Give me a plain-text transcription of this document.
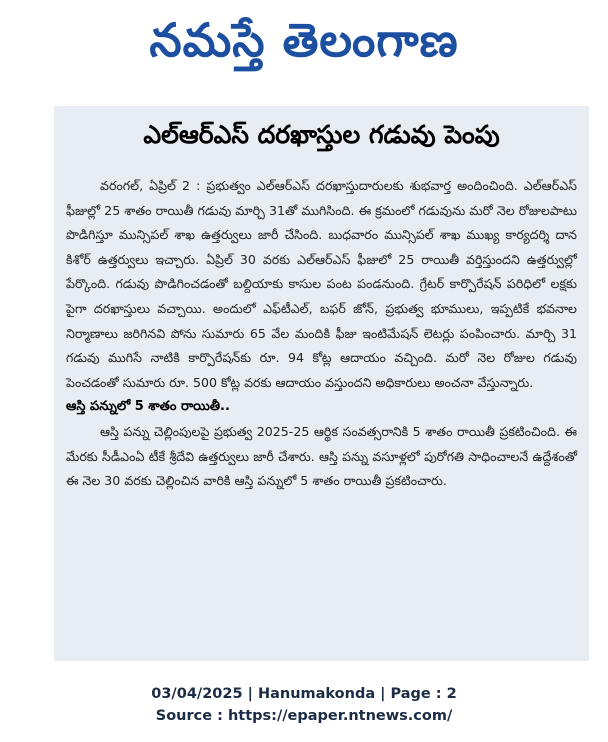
నమస్తే తెలంగాణ
ఎల్‌ఆర్‌ఎస్‌ దరఖాస్తుల గడువు పెంపు

వరంగల్‌, ఏప్రిల్‌ 2 : ప్రభుత్వం ఎల్‌ఆర్‌ఎస్‌ దరఖాస్తుదారులకు శుభవార్త అందించింది. ఎల్‌ఆర్‌ఎస్‌ ఫీజుల్లో 25 శాతం రాయితీ గడువు మార్చి 31తో ముగిసింది. ఈ క్రమంలో గడువును మరో నెల రోజులపాటు పొడిగిస్తూ మున్సిపల్‌ శాఖ ఉత్తర్వులు జారీ చేసింది. బుధవారం మున్సిపల్‌ శాఖ ముఖ్య కార్యదర్శి దాన కిశోర్‌ ఉత్తర్వులు ఇచ్చారు. ఏప్రిల్‌ 30 వరకు ఎల్‌ఆర్‌ఎస్‌ ఫీజులో 25 రాయితీ వర్తిస్తుందని ఉత్తర్వుల్లో పేర్కొంది. గడువు పొడిగించడంతో బల్దియాకు కాసుల పంట పండనుంది. గ్రేటర్‌ కార్పొరేషన్‌ పరిధిలో లక్షకు పైగా దరఖాస్తులు వచ్చాయి. అందులో ఎఫ్‌టీఎల్‌, బఫర్‌ జోన్‌, ప్రభుత్వ భూములు, ఇప్పటికే భవనాల నిర్మాణాలు జరిగినవి పోను సుమారు 65 వేల మందికి ఫీజు ఇంటిమేషన్‌ లెటర్లు పంపించారు. మార్చి 31 గడువు ముగిసే నాటికి కార్పొరేషన్‌కు రూ. 94 కోట్ల ఆదాయం వచ్చింది. మరో నెల రోజుల గడువు పెంచడంతో సుమారు రూ. 500 కోట్ల వరకు ఆదాయం వస్తుందని అధికారులు అంచనా వేస్తున్నారు.

ఆస్తి పన్నులో 5 శాతం రాయితీ..

ఆస్తి పన్ను చెల్లింపులపై ప్రభుత్వ 2025-25 ఆర్థిక సంవత్సరానికి 5 శాతం రాయితీ ప్రకటించింది. ఈ మేరకు సీడీఎంఏ టీకే శ్రీదేవి ఉత్తర్వులు జారీ చేశారు. ఆస్తి పన్ను వసూళ్లలో పురోగతి సాధించాలనే ఉద్దేశంతో ఈ నెల 30 వరకు చెల్లించిన వారికి ఆస్తి పన్నులో 5 శాతం రాయితీ ప్రకటించారు.

03/04/2025 | Hanumakonda | Page : 2
Source : https://epaper.ntnews.com/
